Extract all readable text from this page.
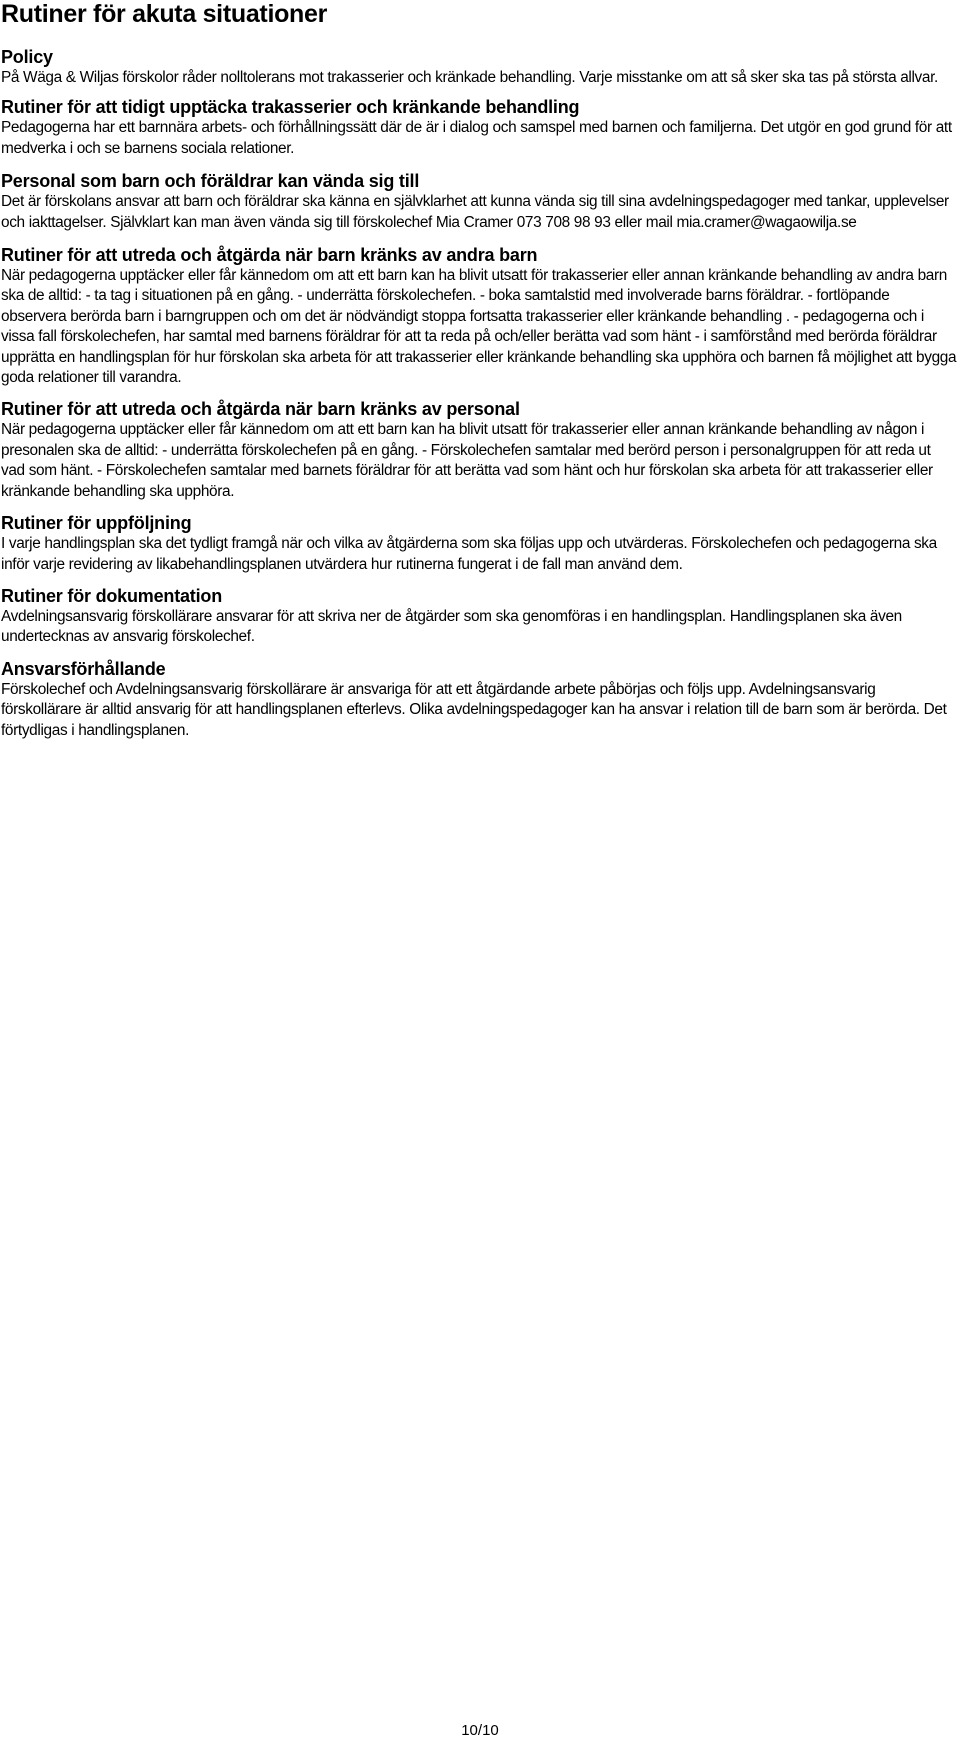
Rutiner för akuta situationer
Policy

På Wäga & Wiljas förskolor råder nolltolerans mot trakasserier och kränkade behandling. Varje misstanke om att så sker ska tas på största allvar.

Rutiner för att tidigt upptäcka trakasserier och kränkande behandling

Pedagogerna har ett barnnära arbets- och förhållningssätt där de är i dialog och samspel med barnen och familjerna. Det utgör en god grund för att medverka i och se barnens sociala relationer.

Personal som barn och föräldrar kan vända sig till

Det är förskolans ansvar att barn och föräldrar ska känna en självklarhet att kunna vända sig till sina avdelningspedagoger med tankar, upplevelser och iakttagelser. Självklart kan man även vända sig till förskolechef Mia Cramer 073 708 98 93 eller mail mia.cramer@wagaowilja.se

Rutiner för att utreda och åtgärda när barn kränks av andra barn

När pedagogerna upptäcker eller får kännedom om att ett barn kan ha blivit utsatt för trakasserier eller annan kränkande behandling av andra barn ska de alltid: - ta tag i situationen på en gång. - underrätta förskolechefen. - boka samtalstid med involverade barns föräldrar. - fortlöpande observera berörda barn i barngruppen och om det är nödvändigt stoppa fortsatta trakasserier eller kränkande behandling . - pedagogerna och i vissa fall förskolechefen, har samtal med barnens föräldrar för att ta reda på och/eller berätta vad som hänt - i samförstånd med berörda föräldrar upprätta en handlingsplan för hur förskolan ska arbeta för att trakasserier eller kränkande behandling ska upphöra och barnen få möjlighet att bygga goda relationer till varandra.

Rutiner för att utreda och åtgärda när barn kränks av personal

När pedagogerna upptäcker eller får kännedom om att ett barn kan ha blivit utsatt för trakasserier eller annan kränkande behandling av någon i presonalen ska de alltid: - underrätta förskolechefen på en gång. - Förskolechefen samtalar med berörd person i personalgruppen för att reda ut vad som hänt. - Förskolechefen samtalar med barnets föräldrar för att berätta vad som hänt och hur förskolan ska arbeta för att trakasserier eller kränkande behandling ska upphöra.

Rutiner för uppföljning

I varje handlingsplan ska det tydligt framgå när och vilka av åtgärderna som ska följas upp och utvärderas. Förskolechefen och pedagogerna ska inför varje revidering av likabehandlingsplanen utvärdera hur rutinerna fungerat i de fall man använd dem.

Rutiner för dokumentation

Avdelningsansvarig förskollärare ansvarar för att skriva ner de åtgärder som ska genomföras i en handlingsplan. Handlingsplanen ska även undertecknas av ansvarig förskolechef.

Ansvarsförhållande

Förskolechef och Avdelningsansvarig förskollärare är ansvariga för att ett åtgärdande arbete påbörjas och följs upp. Avdelningsansvarig förskollärare är alltid ansvarig för att handlingsplanen efterlevs. Olika avdelningspedagoger kan ha ansvar i relation till de barn som är berörda. Det förtydligas i handlingsplanen.

10/10
